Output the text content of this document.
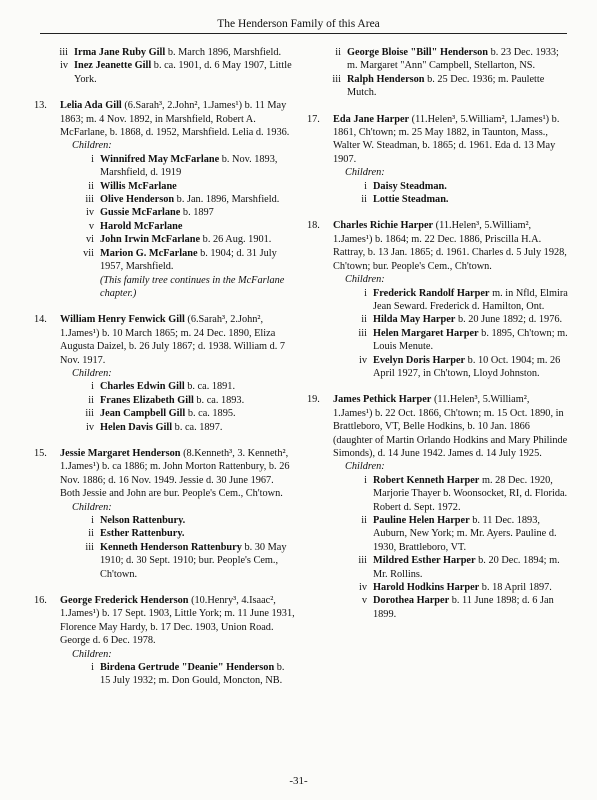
The Henderson Family of this Area
iii Irma Jane Ruby Gill b. March 1896, Marshfield.
iv Inez Jeanette Gill b. ca. 1901, d. 6 May 1907, Little York.
13.	Lelia Ada Gill (6.Sarah³, 2.John², 1.James¹) b. 11 May 1863; m. 4 Nov. 1892, in Marshfield, Robert A. McFarlane, b. 1868, d. 1952, Marshfield. Lelia d. 1936.
Children:
i Winnifred May McFarlane b. Nov. 1893, Marshfield, d. 1919
ii Willis McFarlane
iii Olive Henderson b. Jan. 1896, Marshfield.
iv Gussie McFarlane b. 1897
v Harold McFarlane
vi John Irwin McFarlane b. 26 Aug. 1901.
vii Marion G. McFarlane b. 1904; d. 31 July 1957, Marshfield.
(This family tree continues in the McFarlane chapter.)
14.	William Henry Fenwick Gill (6.Sarah³, 2.John², 1.James¹) b. 10 March 1865; m. 24 Dec. 1890, Eliza Augusta Daizel, b. 26 July 1867; d. 1938. William d. 7 Nov. 1917.
Children:
i Charles Edwin Gill b. ca. 1891.
ii Franes Elizabeth Gill b. ca. 1893.
iii Jean Campbell Gill b. ca. 1895.
iv Helen Davis Gill b. ca. 1897.
15.	Jessie Margaret Henderson (8.Kenneth³, 3. Kenneth², 1.James¹) b. ca 1886; m. John Morton Rattenbury, b. 26 Nov. 1886; d. 16 Nov. 1949. Jessie d. 30 June 1967. Both Jessie and John are bur. People's Cem., Ch'town.
Children:
i Nelson Rattenbury.
ii Esther Rattenbury.
iii Kenneth Henderson Rattenbury b. 30 May 1910; d. 30 Sept. 1910; bur. People's Cem., Ch'town.
16.	George Frederick Henderson (10.Henry³, 4.Isaac², 1.James¹) b. 17 Sept. 1903, Little York; m. 11 June 1931, Florence May Hardy, b. 17 Dec. 1903, Union Road. George d. 6 Dec. 1978.
Children:
i Birdena Gertrude "Deanie" Henderson b. 15 July 1932; m. Don Gould, Moncton, NB.
ii George Bloise "Bill" Henderson b. 23 Dec. 1933; m. Margaret "Ann" Campbell, Stellarton, NS.
iii Ralph Henderson b. 25 Dec. 1936; m. Paulette Mutch.
17.	Eda Jane Harper (11.Helen³, 5.William², 1.James¹) b. 1861, Ch'town; m. 25 May 1882, in Taunton, Mass., Walter W. Steadman, b. 1865; d. 1961. Eda d. 13 May 1907.
Children:
i Daisy Steadman.
ii Lottie Steadman.
18.	Charles Richie Harper (11.Helen³, 5.William², 1.James¹) b. 1864; m. 22 Dec. 1886, Priscilla H.A. Rattray, b. 13 Jan. 1865; d. 1961. Charles d. 5 July 1928, Ch'town; bur. People's Cem., Ch'town.
Children:
i Frederick Randolf Harper m. in Nfld, Elmira Jean Seward. Frederick d. Hamilton, Ont.
ii Hilda May Harper b. 20 June 1892; d. 1976.
iii Helen Margaret Harper b. 1895, Ch'town; m. Louis Menute.
iv Evelyn Doris Harper b. 10 Oct. 1904; m. 26 April 1927, in Ch'town, Lloyd Johnston.
19.	James Pethick Harper (11.Helen³, 5.William², 1.James¹) b. 22 Oct. 1866, Ch'town; m. 15 Oct. 1890, in Brattleboro, VT, Belle Hodkins, b. 10 Jan. 1866 (daughter of Martin Orlando Hodkins and Mary Philinde Simonds), d. 14 June 1942. James d. 14 July 1925.
Children:
i Robert Kenneth Harper m. 28 Dec. 1920, Marjorie Thayer b. Woonsocket, RI, d. Florida. Robert d. Sept. 1972.
ii Pauline Helen Harper b. 11 Dec. 1893, Auburn, New York; m. Mr. Ayers. Pauline d. 1930, Brattleboro, VT.
iii Mildred Esther Harper b. 20 Dec. 1894; m. Mr. Rollins.
iv Harold Hodkins Harper b. 18 April 1897.
v Dorothea Harper b. 11 June 1898; d. 6 Jan 1899.
-31-
